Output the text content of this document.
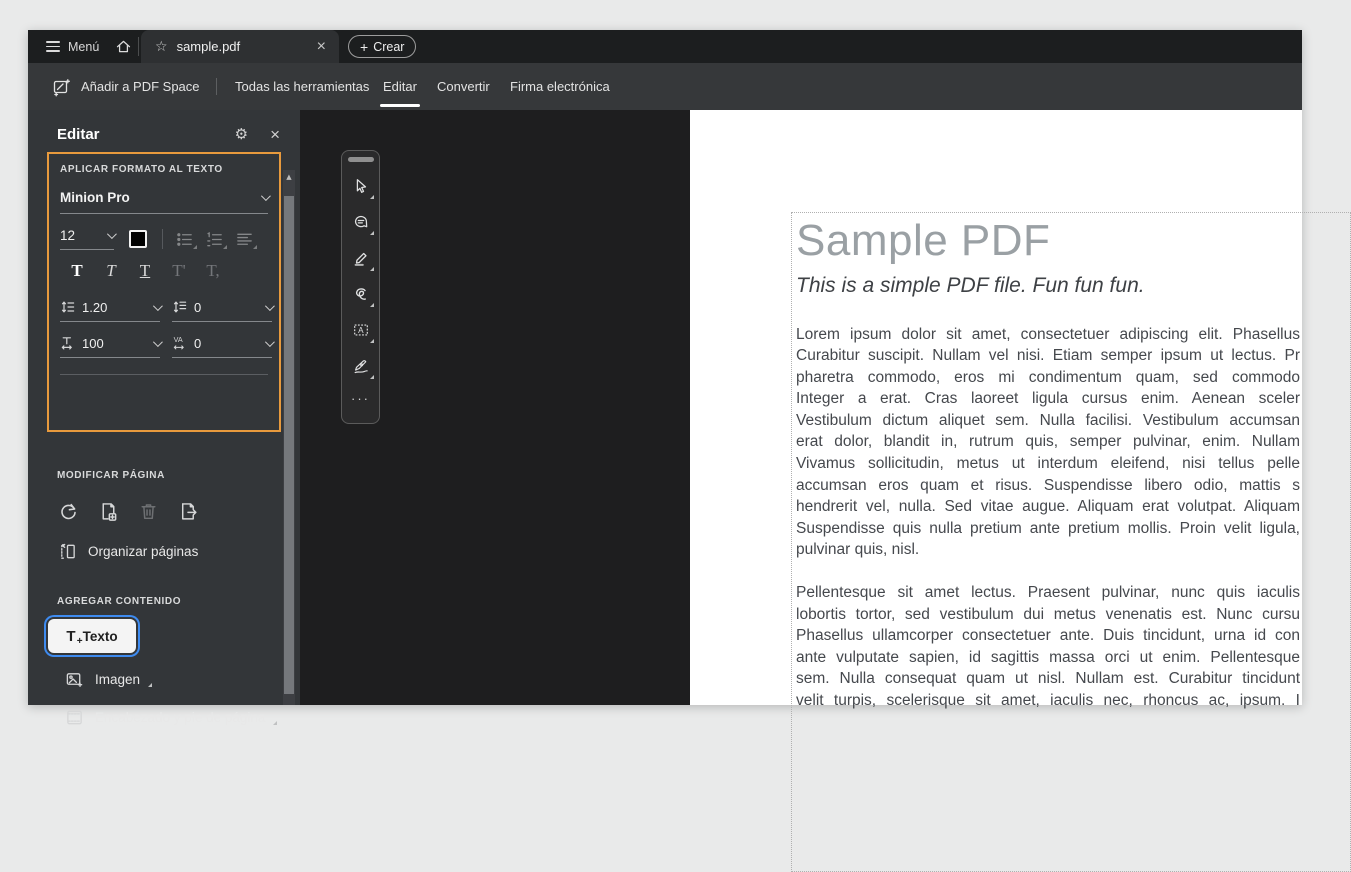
Menú	☆ sample.pdf	× + Crear
Añadir a PDF Space	Todas las herramientas Editar Convertir Firma electrónica
Editar	⚙ ×
APLICAR FORMATO AL TEXTO
Minion Pro
12
T	T	T	T'	T,
1.20	0
100	VA 0
MODIFICAR PÁGINA
Organizar páginas
AGREGAR CONTENIDO
T + Texto
Imagen
Encabezado y pie de página
▲
A
···
Sample PDF
This is a simple PDF file. Fun fun fun.
Lorem ipsum dolor sit amet, consectetuer adipiscing elit. Phasellus
Curabitur suscipit. Nullam vel nisi. Etiam semper ipsum ut lectus. Pr
pharetra commodo, eros mi condimentum quam, sed commodo
Integer a erat. Cras laoreet ligula cursus enim. Aenean sceler
Vestibulum dictum aliquet sem. Nulla facilisi. Vestibulum accumsan
erat dolor, blandit in, rutrum quis, semper pulvinar, enim. Nullam
Vivamus sollicitudin, metus ut interdum eleifend, nisi tellus pelle
accumsan eros quam et risus. Suspendisse libero odio, mattis s
hendrerit vel, nulla. Sed vitae augue. Aliquam erat volutpat. Aliquam
Suspendisse quis nulla pretium ante pretium mollis. Proin velit ligula,
pulvinar quis, nisl.
Pellentesque sit amet lectus. Praesent pulvinar, nunc quis iaculis
lobortis tortor, sed vestibulum dui metus venenatis est. Nunc cursu
Phasellus ullamcorper consectetuer ante. Duis tincidunt, urna id con
ante vulputate sapien, id sagittis massa orci ut enim. Pellentesque
sem. Nulla consequat quam ut nisl. Nullam est. Curabitur tincidunt
velit turpis, scelerisque sit amet, iaculis nec, rhoncus ac, ipsum. I
